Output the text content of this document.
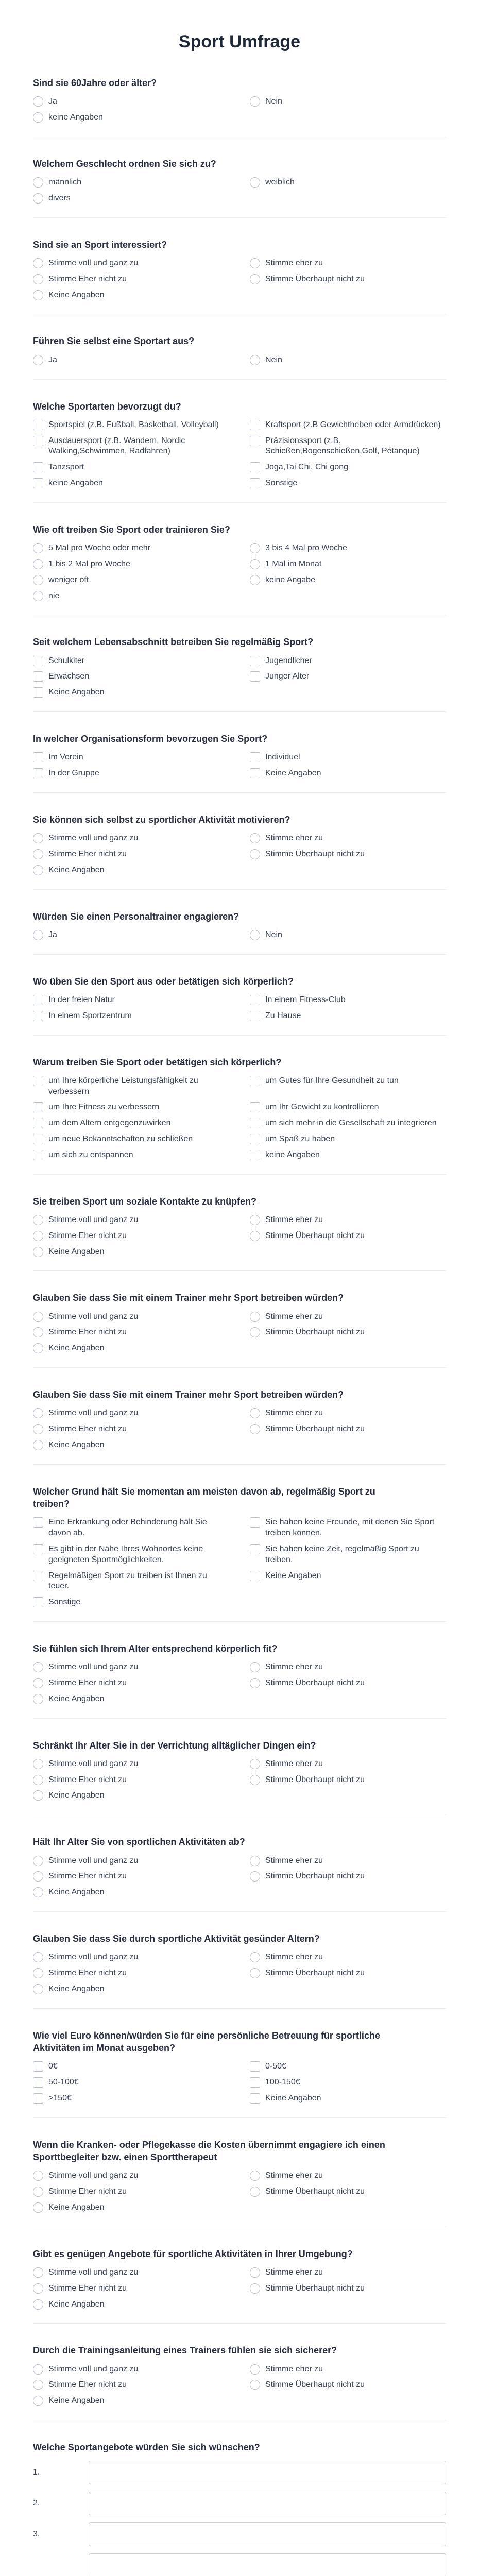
Sport Umfrage
Sind sie 60Jahre oder älter?
Ja	Nein
keine Angaben
Welchem Geschlecht ordnen Sie sich zu?
männlich	weiblich
divers
Sind sie an Sport interessiert?
Stimme voll und ganz zu	Stimme eher zu
Stimme Eher nicht zu	Stimme Überhaupt nicht zu
Keine Angaben
Führen Sie selbst eine Sportart aus?
Ja	Nein
Welche Sportarten bevorzugt du?
Sportspiel (z.B. Fußball, Basketball, Volleyball)	Kraftsport (z.B Gewichtheben oder Armdrücken)
Ausdauersport (z.B. Wandern, Nordic Walking,Schwimmen, Radfahren)
Präzisionssport (z.B. Schießen,Bogenschießen,Golf, Pétanque)
Tanzsport	Joga,Tai Chi, Chi gong
keine Angaben	Sonstige
Wie oft treiben Sie Sport oder trainieren Sie?
5 Mal pro Woche oder mehr	3 bis 4 Mal pro Woche
1 bis 2 Mal pro Woche	1 Mal im Monat
weniger oft	keine Angabe
nie
Seit welchem Lebensabschnitt betreiben Sie regelmäßig Sport?
Schulkiter	Jugendlicher
Erwachsen	Junger Alter
Keine Angaben
In welcher Organisationsform bevorzugen Sie Sport?
Im Verein	Individuel
In der Gruppe	Keine Angaben
Sie können sich selbst zu sportlicher Aktivität motivieren?
Stimme voll und ganz zu	Stimme eher zu
Stimme Eher nicht zu	Stimme Überhaupt nicht zu
Keine Angaben
Würden Sie einen Personaltrainer engagieren?
Ja	Nein
Wo üben Sie den Sport aus oder betätigen sich körperlich?
In der freien Natur	In einem Fitness-Club
In einem Sportzentrum	Zu Hause
Warum treiben Sie Sport oder betätigen sich körperlich?
um Ihre körperliche Leistungsfähigkeit zu verbessern
um Gutes für Ihre Gesundheit zu tun
um Ihre Fitness zu verbessern	um Ihr Gewicht zu kontrollieren
um dem Altern entgegenzuwirken	um sich mehr in die Gesellschaft zu integrieren
um neue Bekanntschaften zu schließen	um Spaß zu haben
um sich zu entspannen	keine Angaben
Sie treiben Sport um soziale Kontakte zu knüpfen?
Stimme voll und ganz zu	Stimme eher zu
Stimme Eher nicht zu	Stimme Überhaupt nicht zu
Keine Angaben
Glauben Sie dass Sie mit einem Trainer mehr Sport betreiben würden?
Stimme voll und ganz zu	Stimme eher zu
Stimme Eher nicht zu	Stimme Überhaupt nicht zu
Keine Angaben
Glauben Sie dass Sie mit einem Trainer mehr Sport betreiben würden?
Stimme voll und ganz zu	Stimme eher zu
Stimme Eher nicht zu	Stimme Überhaupt nicht zu
Keine Angaben
Welcher Grund hält Sie momentan am meisten davon ab, regelmäßig Sport zu treiben?
Eine Erkrankung oder Behinderung hält Sie davon ab.
Sie haben keine Freunde, mit denen Sie Sport treiben können.
Es gibt in der Nähe Ihres Wohnortes keine geeigneten Sportmöglichkeiten.
Sie haben keine Zeit, regelmäßig Sport zu treiben.
Regelmäßigen Sport zu treiben ist Ihnen zu teuer.
Keine Angaben
Sonstige
Sie fühlen sich Ihrem Alter entsprechend körperlich fit?
Stimme voll und ganz zu	Stimme eher zu
Stimme Eher nicht zu	Stimme Überhaupt nicht zu
Keine Angaben
Schränkt Ihr Alter Sie in der Verrichtung alltäglicher Dingen ein?
Stimme voll und ganz zu	Stimme eher zu
Stimme Eher nicht zu	Stimme Überhaupt nicht zu
Keine Angaben
Hält Ihr Alter Sie von sportlichen Aktivitäten ab?
Stimme voll und ganz zu	Stimme eher zu
Stimme Eher nicht zu	Stimme Überhaupt nicht zu
Keine Angaben
Glauben Sie dass Sie durch sportliche Aktivität gesünder Altern?
Stimme voll und ganz zu	Stimme eher zu
Stimme Eher nicht zu	Stimme Überhaupt nicht zu
Keine Angaben
Wie viel Euro können/würden Sie für eine persönliche Betreuung für sportliche Aktivitäten im Monat ausgeben?
0€	0-50€
50-100€	100-150€
>150€	Keine Angaben
Wenn die Kranken- oder Pflegekasse die Kosten übernimmt engagiere ich einen Sporttbegleiter bzw. einen Sporttherapeut
Stimme voll und ganz zu	Stimme eher zu
Stimme Eher nicht zu	Stimme Überhaupt nicht zu
Keine Angaben
Gibt es genügen Angebote für sportliche Aktivitäten in Ihrer Umgebung?
Stimme voll und ganz zu	Stimme eher zu
Stimme Eher nicht zu	Stimme Überhaupt nicht zu
Keine Angaben
Durch die Trainingsanleitung eines Trainers fühlen sie sich sicherer?
Stimme voll und ganz zu	Stimme eher zu
Stimme Eher nicht zu	Stimme Überhaupt nicht zu
Keine Angaben
Welche Sportangebote würden Sie sich wünschen?
1.
2.
3.
